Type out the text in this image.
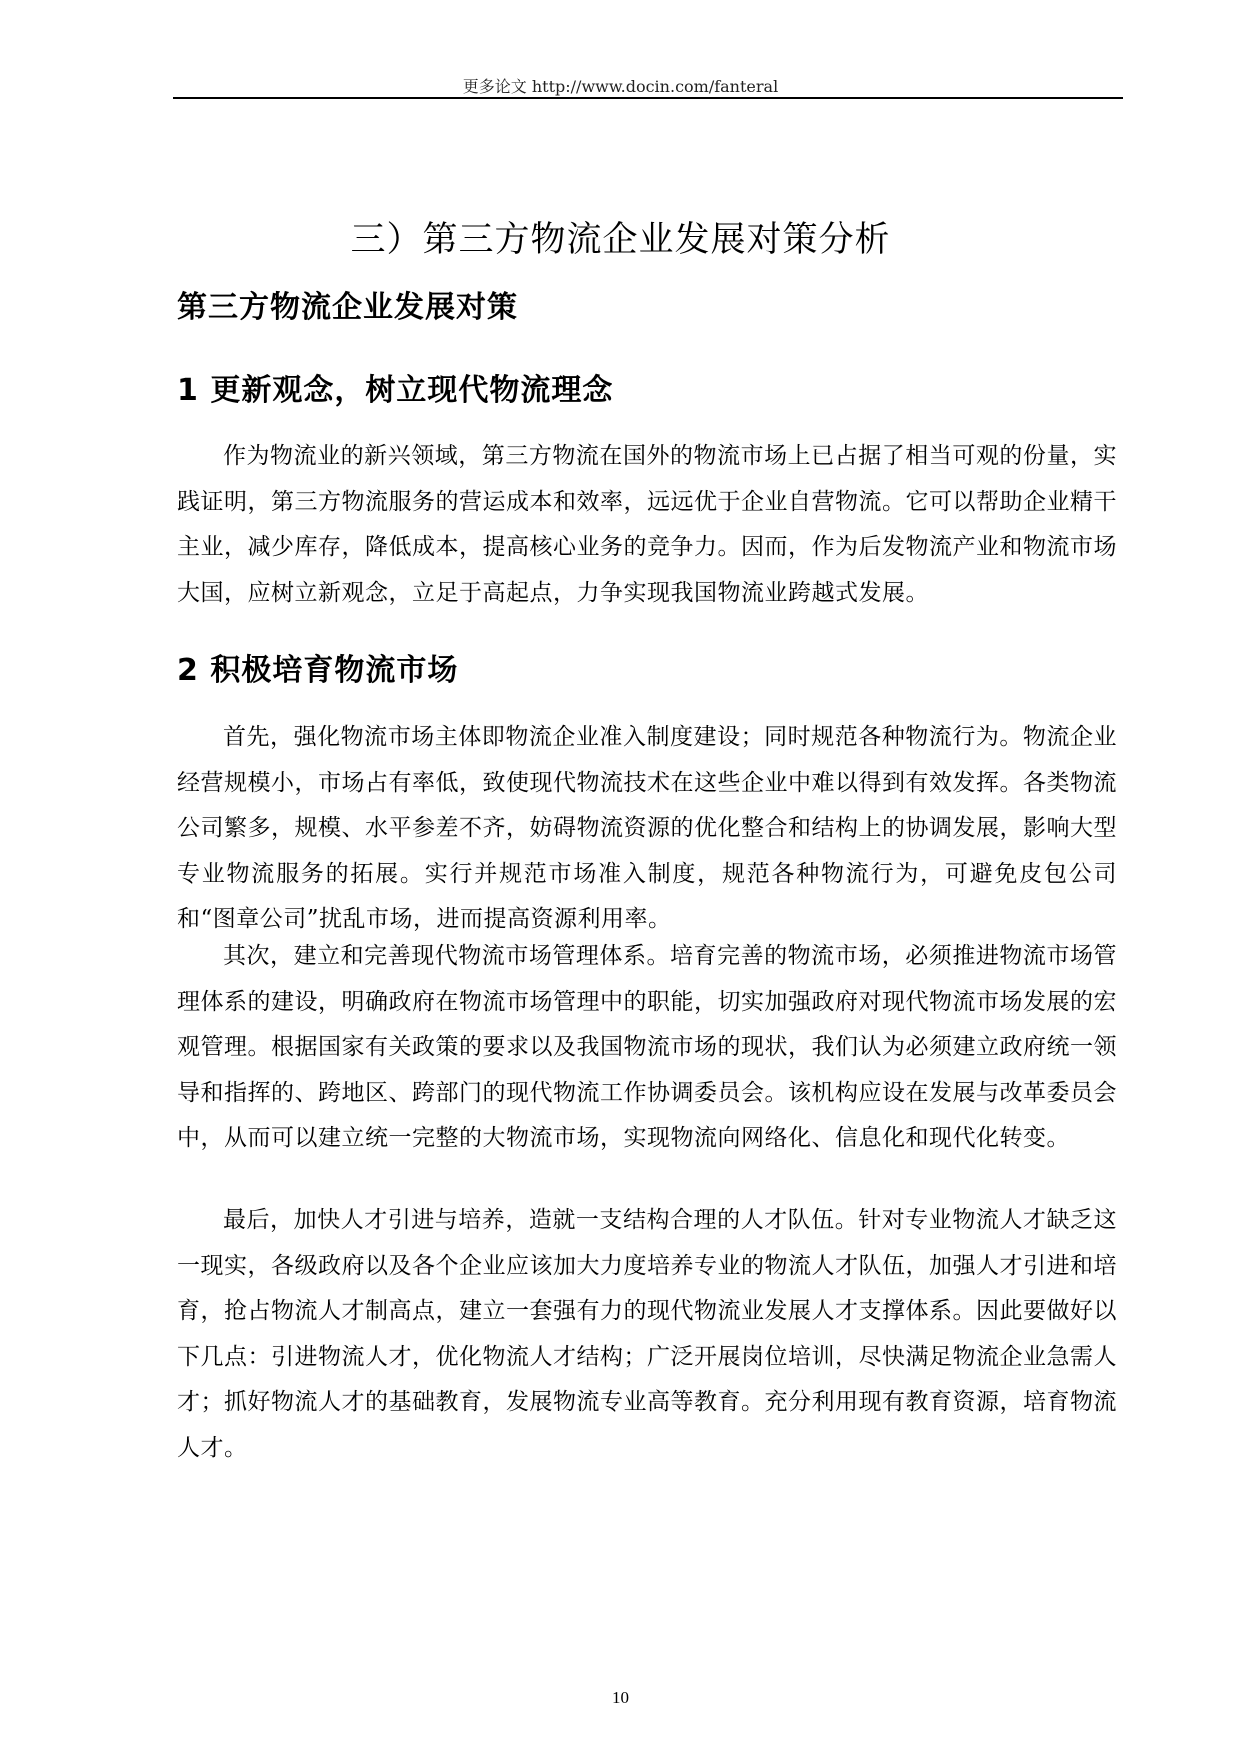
更多论文 http://www.docin.com/fanteral
三）第三方物流企业发展对策分析
第三方物流企业发展对策
1 更新观念，树立现代物流理念
作为物流业的新兴领域，第三方物流在国外的物流市场上已占据了相当可观的份量，实践证明，第三方物流服务的营运成本和效率，远远优于企业自营物流。它可以帮助企业精干主业，减少库存，降低成本，提高核心业务的竞争力。因而，作为后发物流产业和物流市场大国，应树立新观念，立足于高起点，力争实现我国物流业跨越式发展。
2 积极培育物流市场
首先，强化物流市场主体即物流企业准入制度建设；同时规范各种物流行为。物流企业经营规模小，市场占有率低，致使现代物流技术在这些企业中难以得到有效发挥。各类物流公司繁多，规模、水平参差不齐，妨碍物流资源的优化整合和结构上的协调发展，影响大型专业物流服务的拓展。实行并规范市场准入制度，规范各种物流行为，可避免皮包公司和“图章公司”扰乱市场，进而提高资源利用率。
其次，建立和完善现代物流市场管理体系。培育完善的物流市场，必须推进物流市场管理体系的建设，明确政府在物流市场管理中的职能，切实加强政府对现代物流市场发展的宏观管理。根据国家有关政策的要求以及我国物流市场的现状，我们认为必须建立政府统一领导和指挥的、跨地区、跨部门的现代物流工作协调委员会。该机构应设在发展与改革委员会中，从而可以建立统一完整的大物流市场，实现物流向网络化、信息化和现代化转变。
最后，加快人才引进与培养，造就一支结构合理的人才队伍。针对专业物流人才缺乏这一现实，各级政府以及各个企业应该加大力度培养专业的物流人才队伍，加强人才引进和培育，抢占物流人才制高点，建立一套强有力的现代物流业发展人才支撑体系。因此要做好以下几点：引进物流人才，优化物流人才结构；广泛开展岗位培训，尽快满足物流企业急需人才；抓好物流人才的基础教育，发展物流专业高等教育。充分利用现有教育资源，培育物流人才。
10
